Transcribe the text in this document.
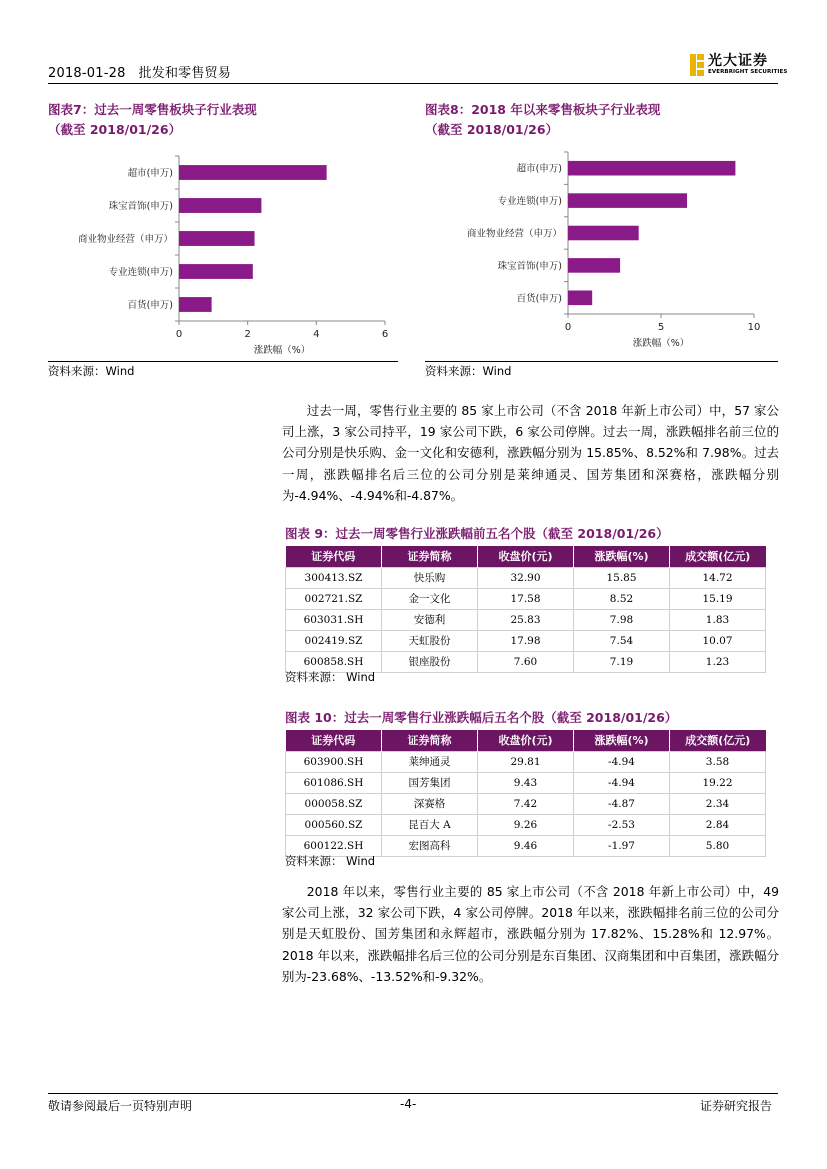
2018-01-28 批发和零售贸易
光大证券
EVERBRIGHT SECURITIES
图表7：过去一周零售板块子行业表现
（截至 2018/01/26）
超市(申万)
珠宝首饰(申万)
商业物业经营（申万）
专业连锁(申万)
百货(申万)
0	2	4	6
涨跌幅（%）
资料来源：Wind
图表8：2018 年以来零售板块子行业表现
（截至 2018/01/26）
超市(申万)
专业连锁(申万)
商业物业经营（申万）
珠宝首饰(申万)
百货(申万)
0	5	10
涨跌幅（%）
资料来源：Wind

过去一周，零售行业主要的 85 家上市公司（不含 2018 年新上市公司）中，57 家公司上涨，3 家公司持平，19 家公司下跌，6 家公司停牌。过去一周，涨跌幅排名前三位的公司分别是快乐购、金一文化和安德利，涨跌幅分别为 15.85%、8.52%和 7.98%。过去一周，涨跌幅排名后三位的公司分别是莱绅通灵、国芳集团和深赛格，涨跌幅分别为-4.94%、-4.94%和-4.87%。

图表 9：过去一周零售行业涨跌幅前五名个股（截至 2018/01/26）
证券代码	证券简称	收盘价(元)	涨跌幅(%)	成交额(亿元)
300413.SZ	快乐购	32.90	15.85	14.72
002721.SZ	金一文化	17.58	8.52	15.19
603031.SH	安德利	25.83	7.98	1.83
002419.SZ	天虹股份	17.98	7.54	10.07
600858.SH	银座股份	7.60	7.19	1.23
资料来源： Wind
图表 10：过去一周零售行业涨跌幅后五名个股（截至 2018/01/26）
证券代码	证券简称	收盘价(元)	涨跌幅(%)	成交额(亿元)
603900.SH	莱绅通灵	29.81	-4.94	3.58
601086.SH	国芳集团	9.43	-4.94	19.22
000058.SZ	深赛格	7.42	-4.87	2.34
000560.SZ	昆百大 A	9.26	-2.53	2.84
600122.SH	宏图高科	9.46	-1.97	5.80
资料来源： Wind

2018 年以来，零售行业主要的 85 家上市公司（不含 2018 年新上市公司）中，49 家公司上涨，32 家公司下跌，4 家公司停牌。2018 年以来，涨跌幅排名前三位的公司分别是天虹股份、国芳集团和永辉超市，涨跌幅分别为 17.82%、15.28%和 12.97%。2018 年以来，涨跌幅排名后三位的公司分别是东百集团、汉商集团和中百集团，涨跌幅分别为-23.68%、-13.52%和-9.32%。

敬请参阅最后一页特别声明	-4-	证券研究报告
